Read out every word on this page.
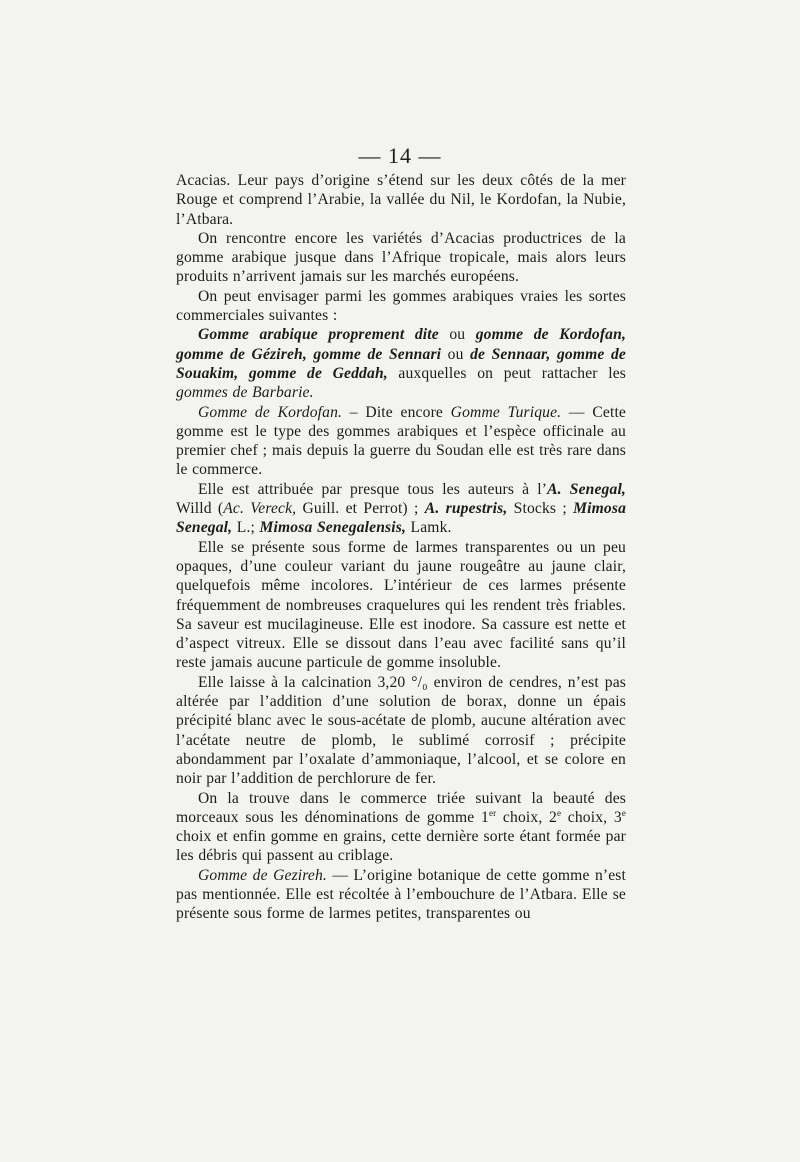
— 14 —

Acacias. Leur pays d’origine s’étend sur les deux côtés de la mer Rouge et comprend l’Arabie, la vallée du Nil, le Kordofan, la Nubie, l’Atbara.

On rencontre encore les variétés d’Acacias productrices de la gomme arabique jusque dans l’Afrique tropicale, mais alors leurs produits n’arrivent jamais sur les marchés européens.

On peut envisager parmi les gommes arabiques vraies les sortes commerciales suivantes :

Gomme arabique proprement dite ou gomme de Kordofan, gomme de Gézireh, gomme de Sennari ou de Sennaar, gomme de Souakim, gomme de Geddah, auxquelles on peut rattacher les gommes de Barbarie.

Gomme de Kordofan. – Dite encore Gomme Turique. — Cette gomme est le type des gommes arabiques et l’espèce officinale au premier chef ; mais depuis la guerre du Soudan elle est très rare dans le commerce.

Elle est attribuée par presque tous les auteurs à l’A. Senegal, Willd (Ac. Vereck, Guill. et Perrot) ; A. rupestris, Stocks ; Mimosa Senegal, L.; Mimosa Senegalensis, Lamk.

Elle se présente sous forme de larmes transparentes ou un peu opaques, d’une couleur variant du jaune rougeâtre au jaune clair, quelquefois même incolores. L’intérieur de ces larmes présente fréquemment de nombreuses craquelures qui les rendent très friables. Sa saveur est mucilagineuse. Elle est inodore. Sa cassure est nette et d’aspect vitreux. Elle se dissout dans l’eau avec facilité sans qu’il reste jamais aucune particule de gomme insoluble.

Elle laisse à la calcination 3,20 °/₀ environ de cendres, n’est pas altérée par l’addition d’une solution de borax, donne un épais précipité blanc avec le sous-acétate de plomb, aucune altération avec l’acétate neutre de plomb, le sublimé corrosif ; précipite abondamment par l’oxalate d’ammoniaque, l’alcool, et se colore en noir par l’addition de perchlorure de fer.

On la trouve dans le commerce triée suivant la beauté des morceaux sous les dénominations de gomme 1er choix, 2e choix, 3e choix et enfin gomme en grains, cette dernière sorte étant formée par les débris qui passent au criblage.

Gomme de Gezireh. — L’origine botanique de cette gomme n’est pas mentionnée. Elle est récoltée à l’embouchure de l’Atbara. Elle se présente sous forme de larmes petites, transparentes ou
